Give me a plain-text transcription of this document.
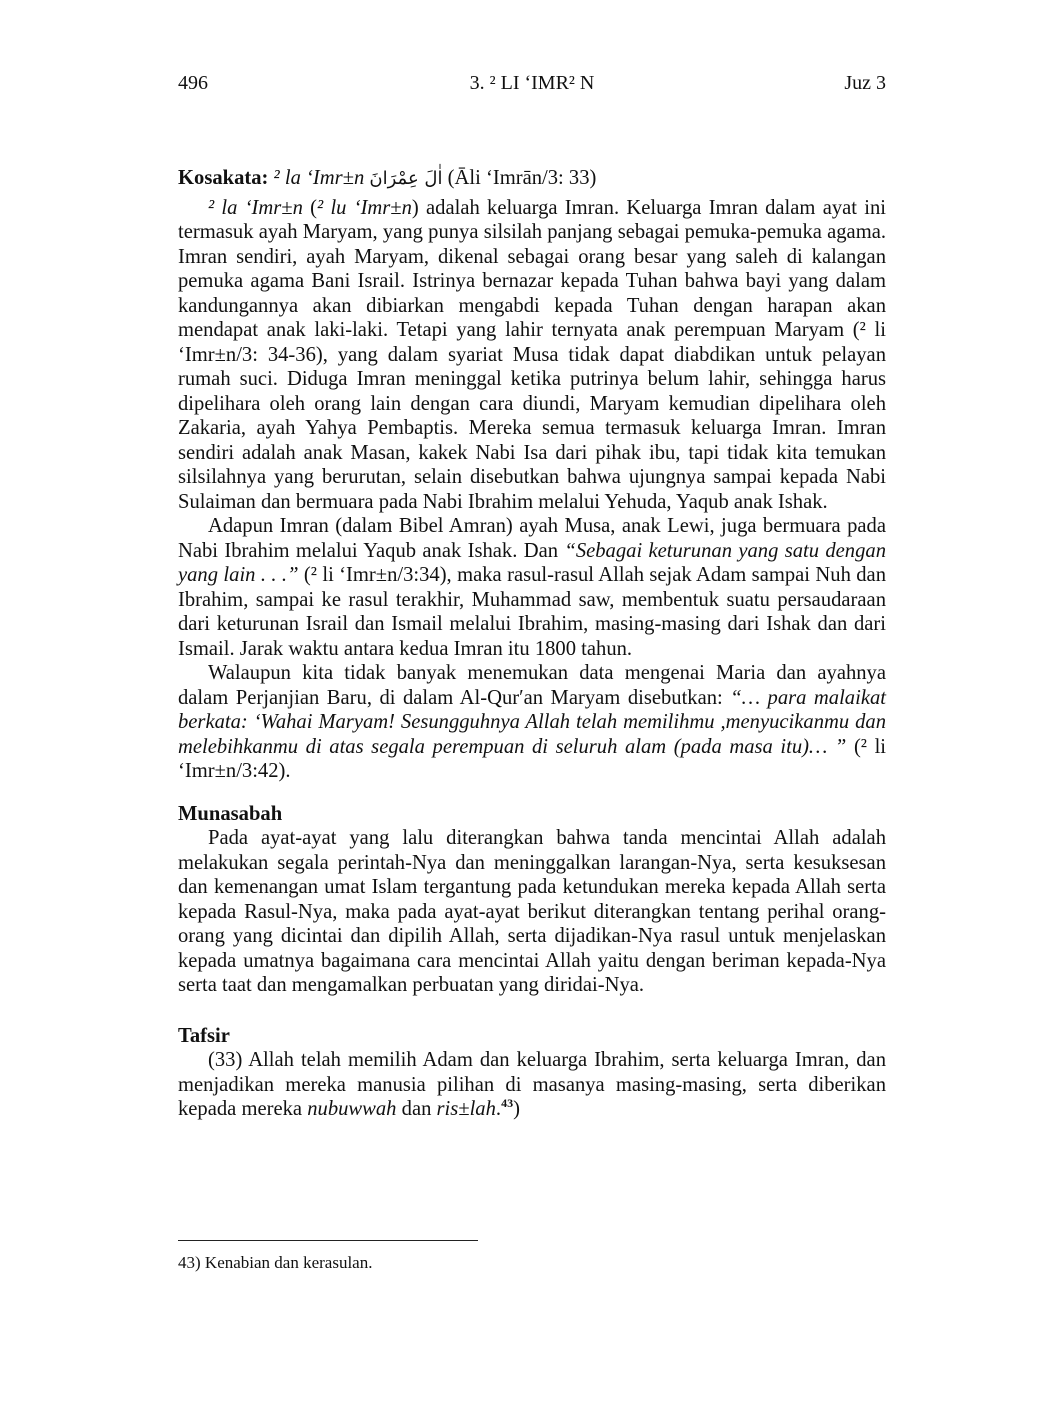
496	3. ² LI ‘IMR² N	Juz 3

Kosakata: ² la ‘Imr±n اٰلَ عِمْرَانَ (Āli ‘Imrān/3: 33)

² la ‘Imr±n (² lu ‘Imr±n) adalah keluarga Imran. Keluarga Imran dalam ayat ini termasuk ayah Maryam, yang punya silsilah panjang sebagai pemuka-pemuka agama. Imran sendiri, ayah Maryam, dikenal sebagai orang besar yang saleh di kalangan pemuka agama Bani Israil. Istrinya bernazar kepada Tuhan bahwa bayi yang dalam kandungannya akan dibiarkan mengabdi kepada Tuhan dengan harapan akan mendapat anak laki-laki. Tetapi yang lahir ternyata anak perempuan Maryam (² li ‘Imr±n/3: 34-36), yang dalam syariat Musa tidak dapat diabdikan untuk pelayan rumah suci. Diduga Imran meninggal ketika putrinya belum lahir, sehingga harus dipelihara oleh orang lain dengan cara diundi, Maryam kemudian dipelihara oleh Zakaria, ayah Yahya Pembaptis. Mereka semua termasuk keluarga Imran. Imran sendiri adalah anak Masan, kakek Nabi Isa dari pihak ibu, tapi tidak kita temukan silsilahnya yang berurutan, selain disebutkan bahwa ujungnya sampai kepada Nabi Sulaiman dan bermuara pada Nabi Ibrahim melalui Yehuda, Yaqub anak Ishak.

Adapun Imran (dalam Bibel Amran) ayah Musa, anak Lewi, juga bermuara pada Nabi Ibrahim melalui Yaqub anak Ishak. Dan “Sebagai keturunan yang satu dengan yang lain . . .” (² li ‘Imr±n/3:34), maka rasul-rasul Allah sejak Adam sampai Nuh dan Ibrahim, sampai ke rasul terakhir, Muhammad saw, membentuk suatu persaudaraan dari keturunan Israil dan Ismail melalui Ibrahim, masing-masing dari Ishak dan dari Ismail. Jarak waktu antara kedua Imran itu 1800 tahun.

Walaupun kita tidak banyak menemukan data mengenai Maria dan ayahnya dalam Perjanjian Baru, di dalam Al-Qur′an Maryam disebutkan: “… para malaikat berkata: ‘Wahai Maryam! Sesungguhnya Allah telah memilihmu ,menyucikanmu dan melebihkanmu di atas segala perempuan di seluruh alam (pada masa itu)… ” (² li ‘Imr±n/3:42).

Munasabah

Pada ayat-ayat yang lalu diterangkan bahwa tanda mencintai Allah adalah melakukan segala perintah-Nya dan meninggalkan larangan-Nya, serta kesuksesan dan kemenangan umat Islam tergantung pada ketundukan mereka kepada Allah serta kepada Rasul-Nya, maka pada ayat-ayat berikut diterangkan tentang perihal orang-orang yang dicintai dan dipilih Allah, serta dijadikan-Nya rasul untuk menjelaskan kepada umatnya bagaimana cara mencintai Allah yaitu dengan beriman kepada-Nya serta taat dan mengamalkan perbuatan yang diridai-Nya.

Tafsir

(33) Allah telah memilih Adam dan keluarga Ibrahim, serta keluarga Imran, dan menjadikan mereka manusia pilihan di masanya masing-masing, serta diberikan kepada mereka nubuwwah dan ris±lah.$^{43}$)

43) Kenabian dan kerasulan.
